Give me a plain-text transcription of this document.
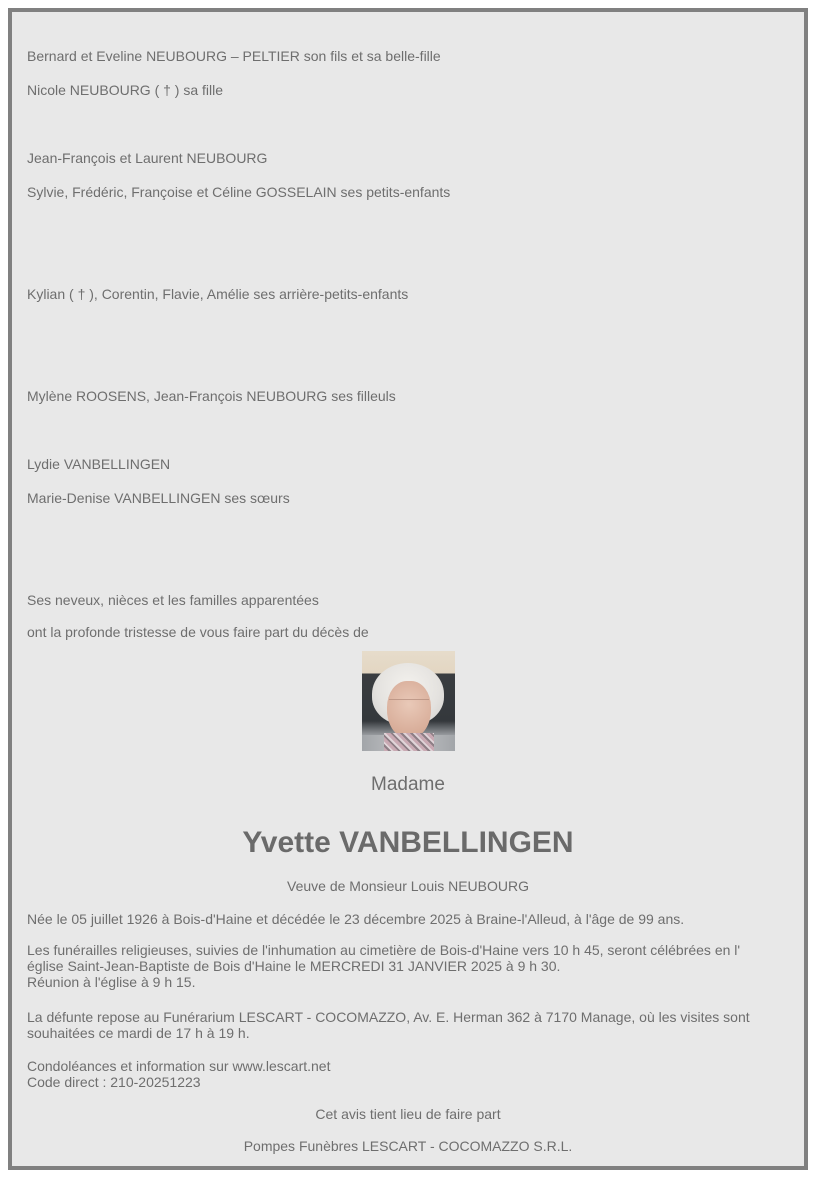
Bernard et Eveline NEUBOURG – PELTIER son fils et sa belle-fille
Nicole NEUBOURG ( † ) sa fille
Jean-François et Laurent NEUBOURG
Sylvie, Frédéric, Françoise et Céline GOSSELAIN ses petits-enfants
Kylian ( † ), Corentin, Flavie, Amélie ses arrière-petits-enfants
Mylène ROOSENS, Jean-François NEUBOURG ses filleuls
Lydie VANBELLINGEN
Marie-Denise VANBELLINGEN ses sœurs
Ses neveux, nièces et les familles apparentées
ont la profonde tristesse de vous faire part du décès de
Madame
Yvette VANBELLINGEN
Veuve de Monsieur Louis NEUBOURG
Née le 05 juillet 1926 à Bois-d'Haine et décédée le 23 décembre 2025 à Braine-l'Alleud, à l'âge de 99 ans.
Les funérailles religieuses, suivies de l'inhumation au cimetière de Bois-d'Haine vers 10 h 45, seront célébrées en l'
église Saint-Jean-Baptiste de Bois d'Haine le MERCREDI 31 JANVIER 2025 à 9 h 30.
Réunion à l'église à 9 h 15.
La défunte repose au Funérarium LESCART - COCOMAZZO, Av. E. Herman 362 à 7170 Manage, où les visites sont
souhaitées ce mardi de 17 h à 19 h.
Condoléances et information sur www.lescart.net
Code direct : 210-20251223
Cet avis tient lieu de faire part
Pompes Funèbres LESCART - COCOMAZZO S.R.L.
